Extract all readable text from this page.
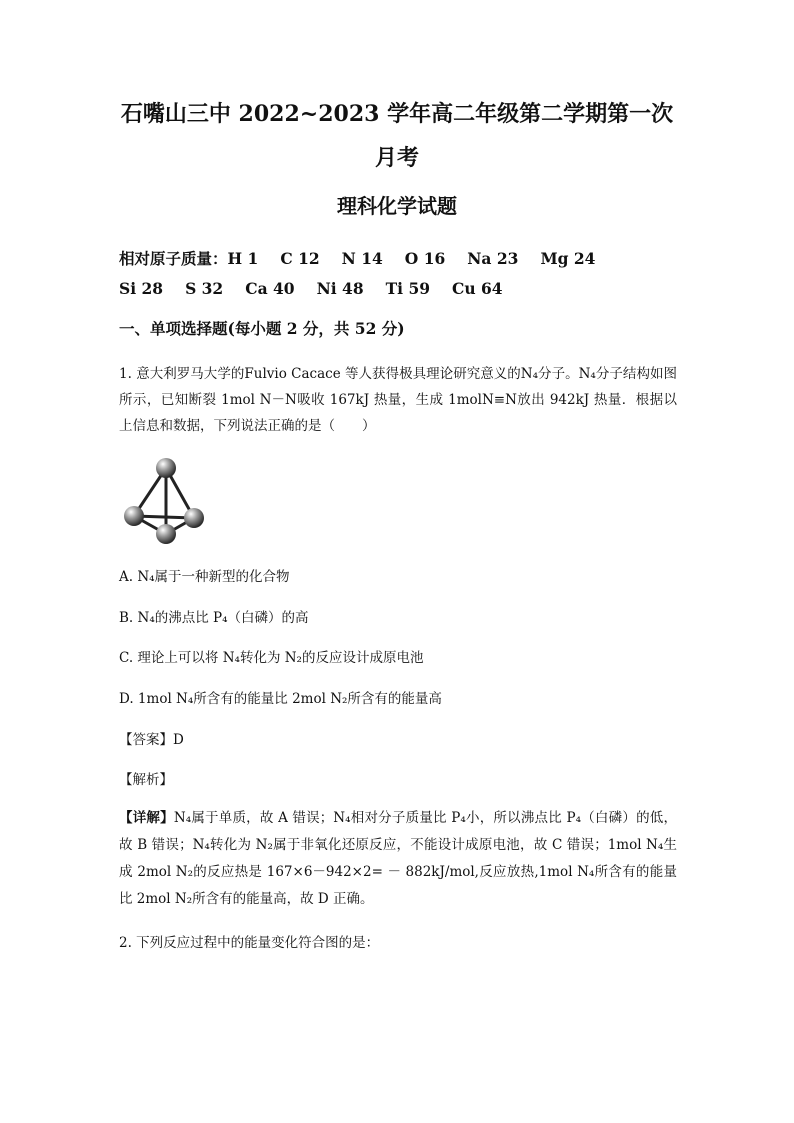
石嘴山三中 2022~2023 学年高二年级第二学期第一次月考
理科化学试题
相对原子质量：H 1 C 12 N 14 O 16 Na 23 Mg 24Si 28 S 32 Ca 40 Ni 48 Ti 59 Cu 64
一、单项选择题(每小题 2 分，共 52 分)
1. 意大利罗马大学的Fulvio Cacace 等人获得极具理论研究意义的N₄分子。N₄分子结构如图所示，已知断裂 1mol N－N吸收 167kJ 热量，生成 1molN≡N放出 942kJ 热量．根据以上信息和数据，下列说法正确的是（　　）
A. N₄属于一种新型的化合物
B. N₄的沸点比 P₄（白磷）的高
C. 理论上可以将 N₄转化为 N₂的反应设计成原电池
D. 1mol N₄所含有的能量比 2mol N₂所含有的能量高
【答案】D
【解析】
【详解】N₄属于单质，故 A 错误；N₄相对分子质量比 P₄小，所以沸点比 P₄（白磷）的低，故 B 错误；N₄转化为 N₂属于非氧化还原反应，不能设计成原电池，故 C 错误；1mol N₄生成 2mol N₂的反应热是 167×6－942×2= － 882kJ/mol,反应放热,1mol N₄所含有的能量比 2mol N₂所含有的能量高，故 D 正确。
2. 下列反应过程中的能量变化符合图的是：
